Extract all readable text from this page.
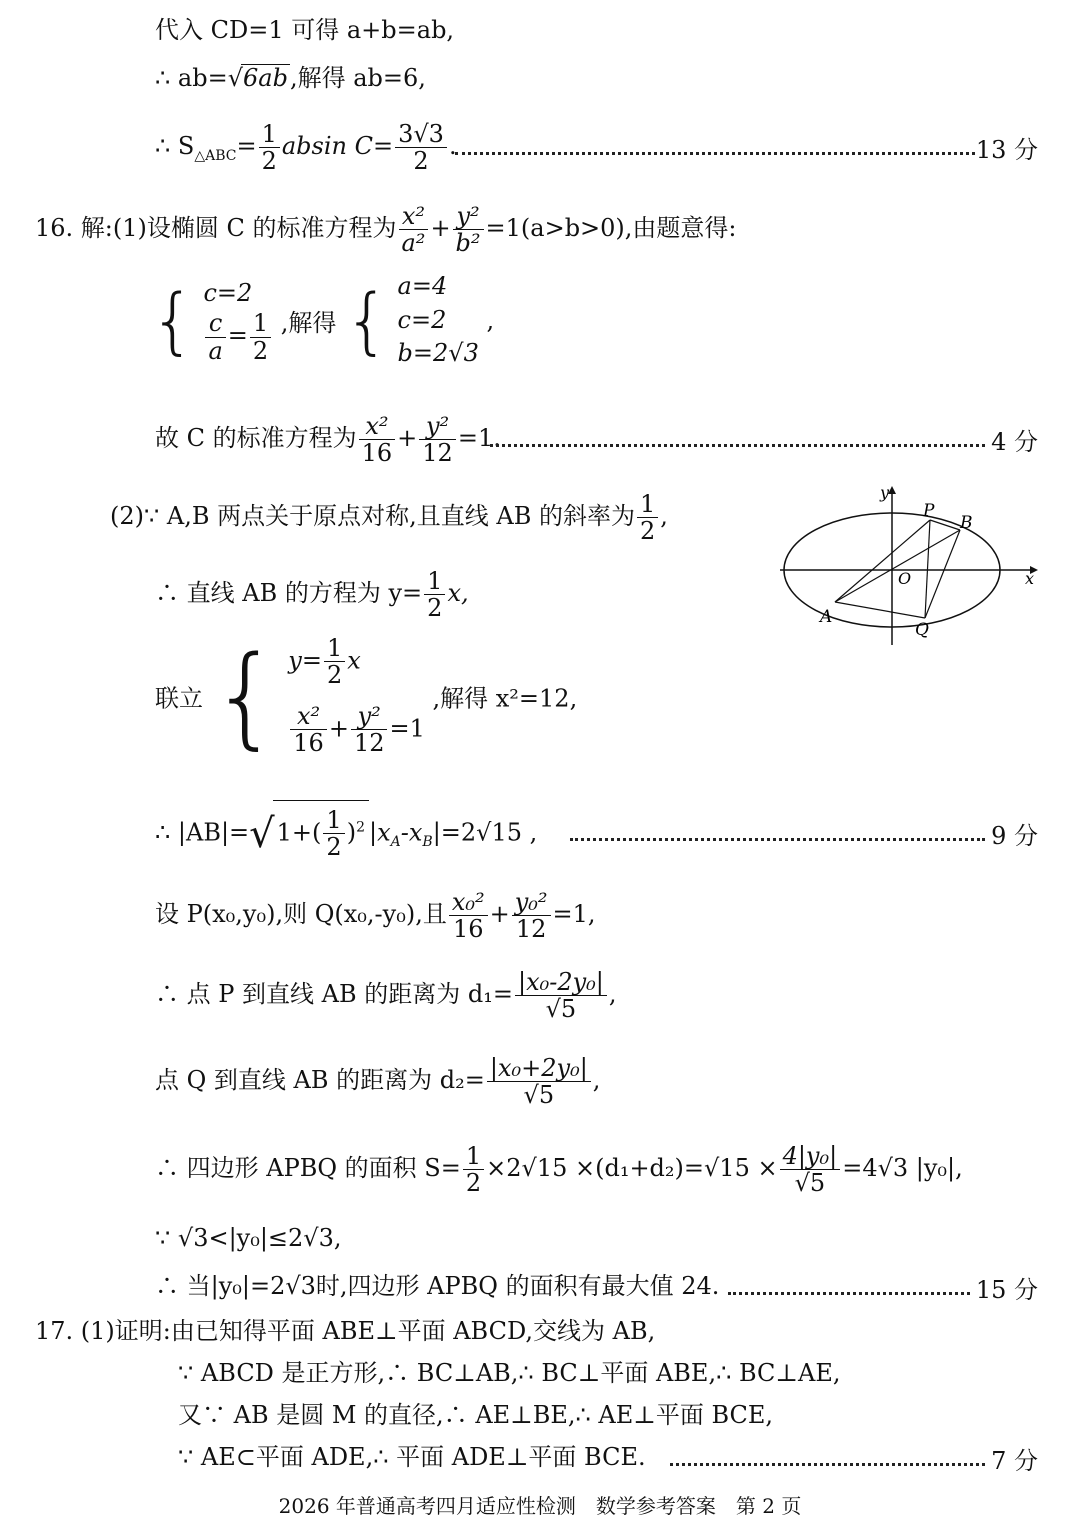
代入 CD=1 可得 a+b=ab,
∴ ab=√6ab,解得 ab=6,
∴ $S_{\triangle ABC}= \frac{1}{2}$ absin $C= \frac{3√3}{2}$ .	13 分
16. 解:(1)设椭圆 C 的标准方程为 $\frac{\text{x²}}{\text{a²}} + \frac{\text{y²}}{\text{b²}} =1(a>b>0)$,由题意得:
{ c=2
$\frac{c}{a} = \frac{1}{2}$ ,解得 { a=4
c=2
b=2√3
,
故 C 的标准方程为 $\frac{\text{x²}}{16} + \frac{\text{y²}}{12} =1$.	4 分
(2)∵ A,B 两点关于原点对称,且直线 AB 的斜率为 $\frac{1}{2}$ ,
∴ 直线 AB 的方程为 $y= \frac{1}{2} x$,
y
x
O
P
B
A
Q
联立 { $y= \frac{1}{2}$ x
$\frac{\text{x²}}{16} + \frac{\text{y²}}{12} =1$
,解得 x²=12,
∴ $|AB|=√1+( \frac{1}{2} )^2$ $|x_A-x_B|=2√15$ ,	9 分
设 P(x₀,y₀),则 Q(x₀,-y₀),且 $\frac{\text{x₀²}}{16} + \frac{\text{y₀²}}{12} =1$,
∴ 点 P 到直线 AB 的距离为 $d_1= \frac{\text{|x₀-2y₀|}}{√5}$ ,
点 Q 到直线 AB 的距离为 $d_2= \frac{\text{|x₀+2y₀|}}{√5}$ ,
∴ 四边形 APBQ 的面积 $S= \frac{1}{2} \times 2√15 \times(d_1+d_2)=√15 \times \frac{\text{4|y₀|}}{√5} =4√3$ |y₀|,
∵ √3<|y₀|≤2√3,
∴ 当|y₀|=2√3时,四边形 APBQ 的面积有最大值 24.	15 分
17. (1)证明:由已知得平面 ABE⊥平面 ABCD,交线为 AB,
∵ ABCD 是正方形,∴ BC⊥AB,∴ BC⊥平面 ABE,∴ BC⊥AE,
又∵ AB 是圆 M 的直径,∴ AE⊥BE,∴ AE⊥平面 BCE,
∵ AE⊂平面 ADE,∴ 平面 ADE⊥平面 BCE.	7 分
2026 年普通高考四月适应性检测　数学参考答案　第 2 页
